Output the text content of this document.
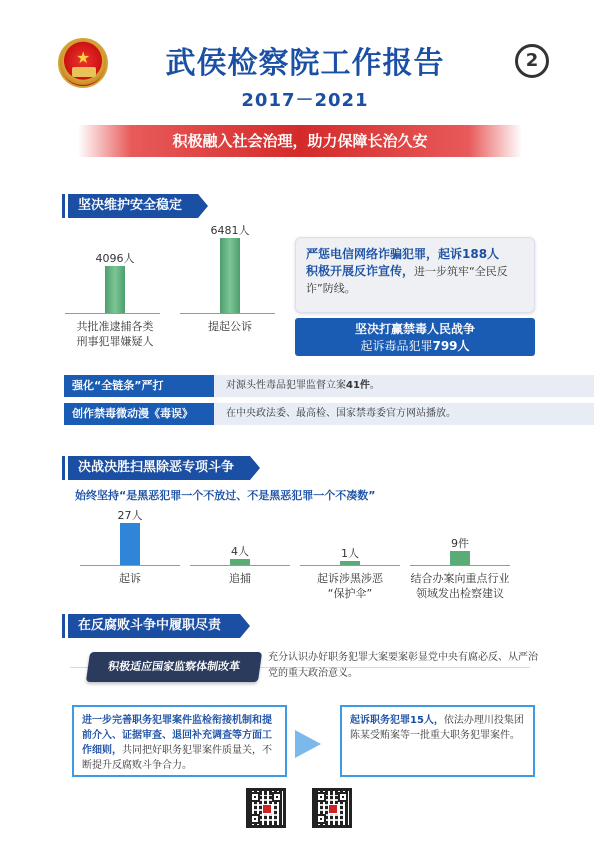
★	武侯检察院工作报告
2017－2021
2
积极融入社会治理，助力保障长治久安
坚决维护安全稳定
4096人
共批准逮捕各类
刑事犯罪嫌疑人
6481人
提起公诉
严惩电信网络诈骗犯罪，起诉188人
积极开展反诈宣传，进一步筑牢“全民反诈”防线。
坚决打赢禁毒人民战争
起诉毒品犯罪799人
强化“全链条”严打	对源头性毒品犯罪监督立案41件。
创作禁毒微动漫《毒误》	在中央政法委、最高检、国家禁毒委官方网站播放。
决战决胜扫黑除恶专项斗争
始终坚持“是黑恶犯罪一个不放过、不是黑恶犯罪一个不凑数”
27人
起诉
4人
追捕
1人
起诉涉黑涉恶
“保护伞”
9件
结合办案向重点行业
领域发出检察建议
在反腐败斗争中履职尽责
积极适应国家监察体制改革
充分认识办好职务犯罪大案要案彰显党中央有腐必反、从严治党的重大政治意义。
进一步完善职务犯罪案件监检衔接机制和提前介入、证据审查、退回补充调查等方面工作细则，共同把好职务犯罪案件质量关，不断提升反腐败斗争合力。
起诉职务犯罪15人，依法办理川投集团陈某受贿案等一批重大职务犯罪案件。
